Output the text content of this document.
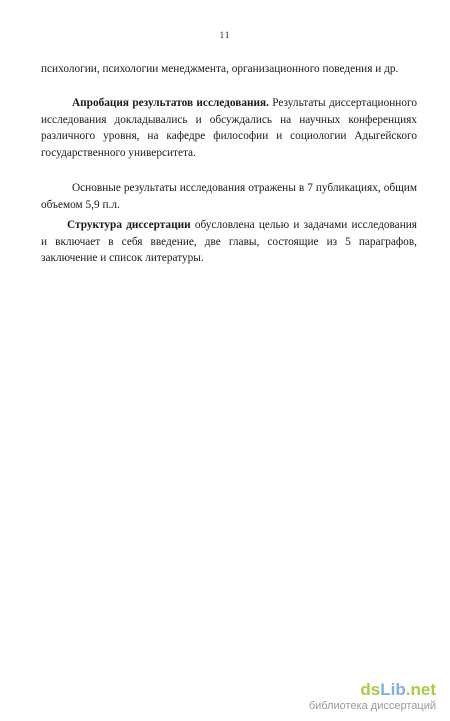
11

психологии, психологии менеджмента, организационного поведения и др.

Апробация результатов исследования. Результаты диссертационного исследования докладывались и обсуждались на научных конференциях различного уровня, на кафедре философии и социологии Адыгейского государственного университета.

Основные результаты исследования отражены в 7 публикациях, общим объемом 5,9 п.л.

Структура диссертации обусловлена целью и задачами исследования и включает в себя введение, две главы, состоящие из 5 параграфов, заключение и список литературы.

dsLib.net
библиотека диссертаций
